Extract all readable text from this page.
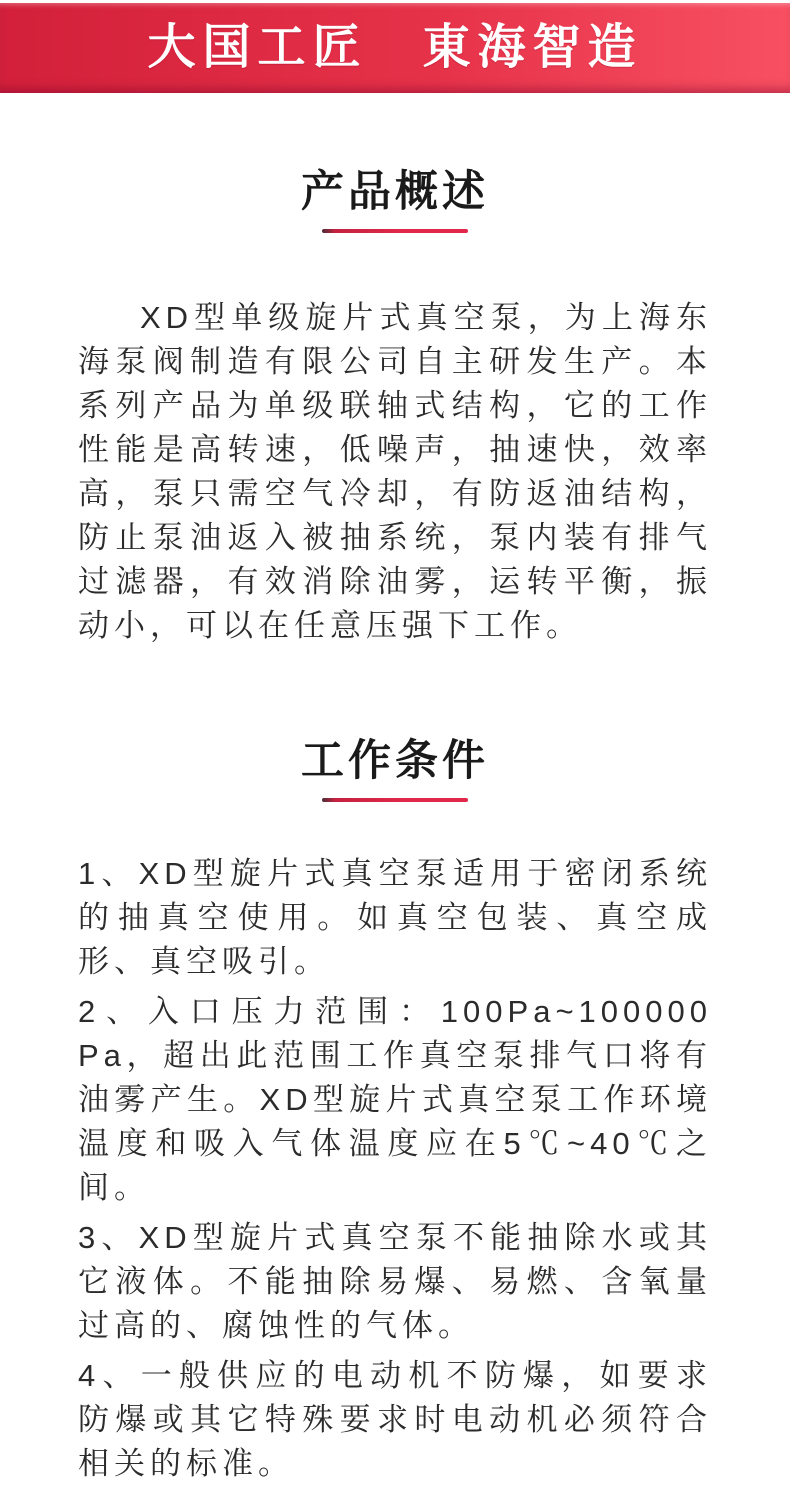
大国工匠　東海智造
产品概述

XD型单级旋片式真空泵，为上海东海泵阀制造有限公司自主研发生产。本系列产品为单级联轴式结构，它的工作性能是高转速，低噪声，抽速快，效率高，泵只需空气冷却，有防返油结构，防止泵油返入被抽系统，泵内装有排气过滤器，有效消除油雾，运转平衡，振动小，可以在任意压强下工作。

工作条件

1、XD型旋片式真空泵适用于密闭系统的抽真空使用。如真空包装、真空成形、真空吸引。

2、入口压力范围：100Pa~100000 Pa，超出此范围工作真空泵排气口将有油雾产生。XD型旋片式真空泵工作环境温度和吸入气体温度应在5℃~40℃之间。

3、XD型旋片式真空泵不能抽除水或其它液体。不能抽除易爆、易燃、含氧量过高的、腐蚀性的气体。

4、一般供应的电动机不防爆，如要求防爆或其它特殊要求时电动机必须符合相关的标准。
